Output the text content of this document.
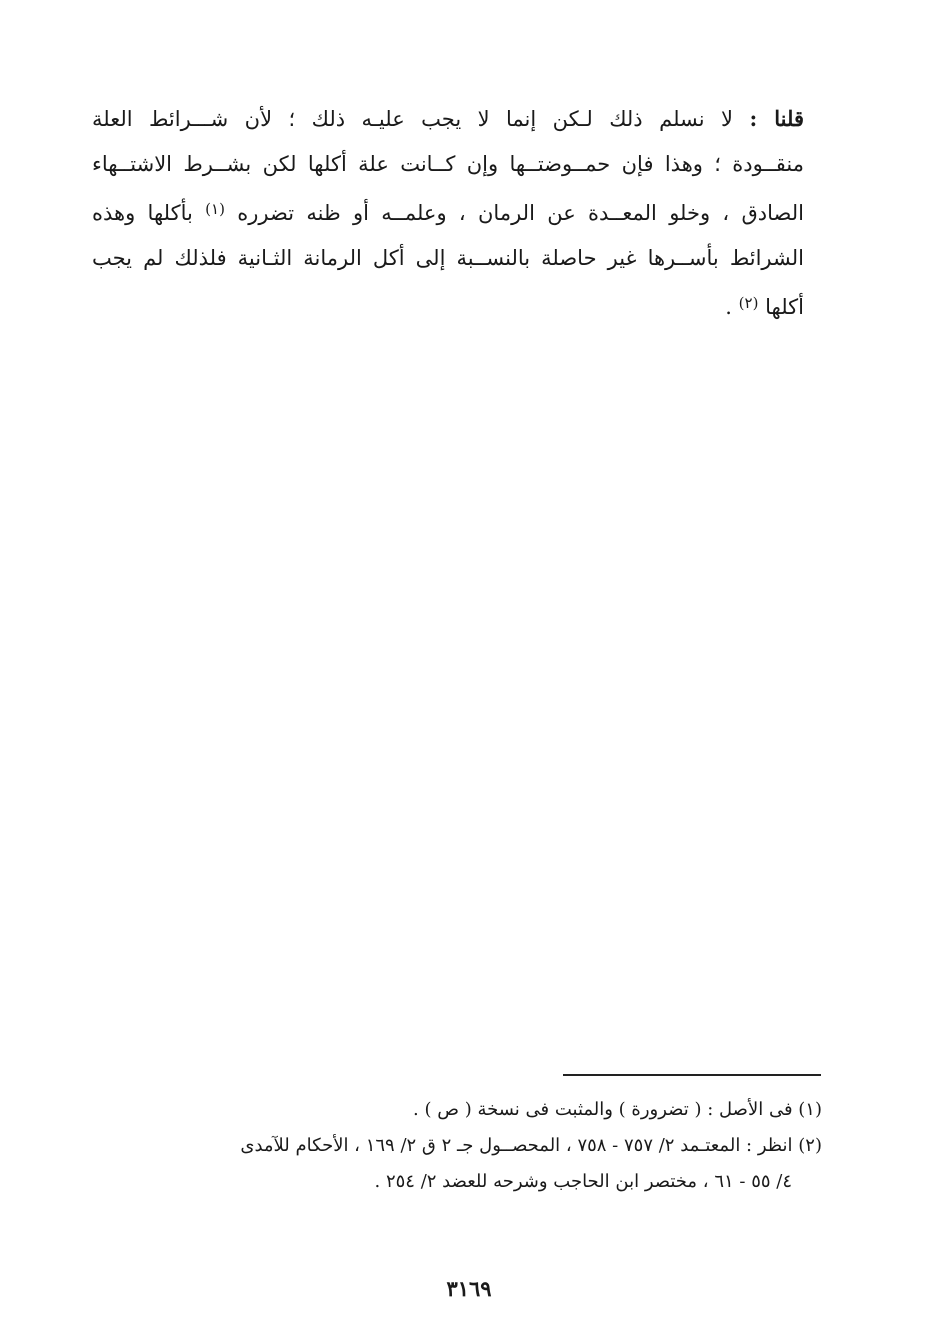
قلنا : لا نسلم ذلك لـكن إنما لا يجب عليـه ذلك ؛ لأن شـــرائط العلة
منقــودة ؛ وهذا فإن حمــوضتــها وإن كــانت علة أكلها لكن بشــرط الاشتــهاء
الصادق ، وخلو المعــدة عن الرمان ، وعلمــه أو ظنه تضرره $^{(١)}$ بأكلها وهذه
الشرائط بأســرها غير حاصلة بالنســبة إلى أكل الرمانة الثـانية فلذلك لم يجب
أكلها $^{(٢)}$ .
(١) فى الأصل : ( تضرورة ) والمثبت فى نسخة ( ص ) .
(٢) انظر : المعتـمد ٢/ ٧٥٧ - ٧٥٨ ، المحصــول جـ ٢ ق ٢/ ١٦٩ ، الأحكام للآمدى
٤/ ٥٥ - ٦١ ، مختصر ابن الحاجب وشرحه للعضد ٢/ ٢٥٤ .
٣١٦٩
